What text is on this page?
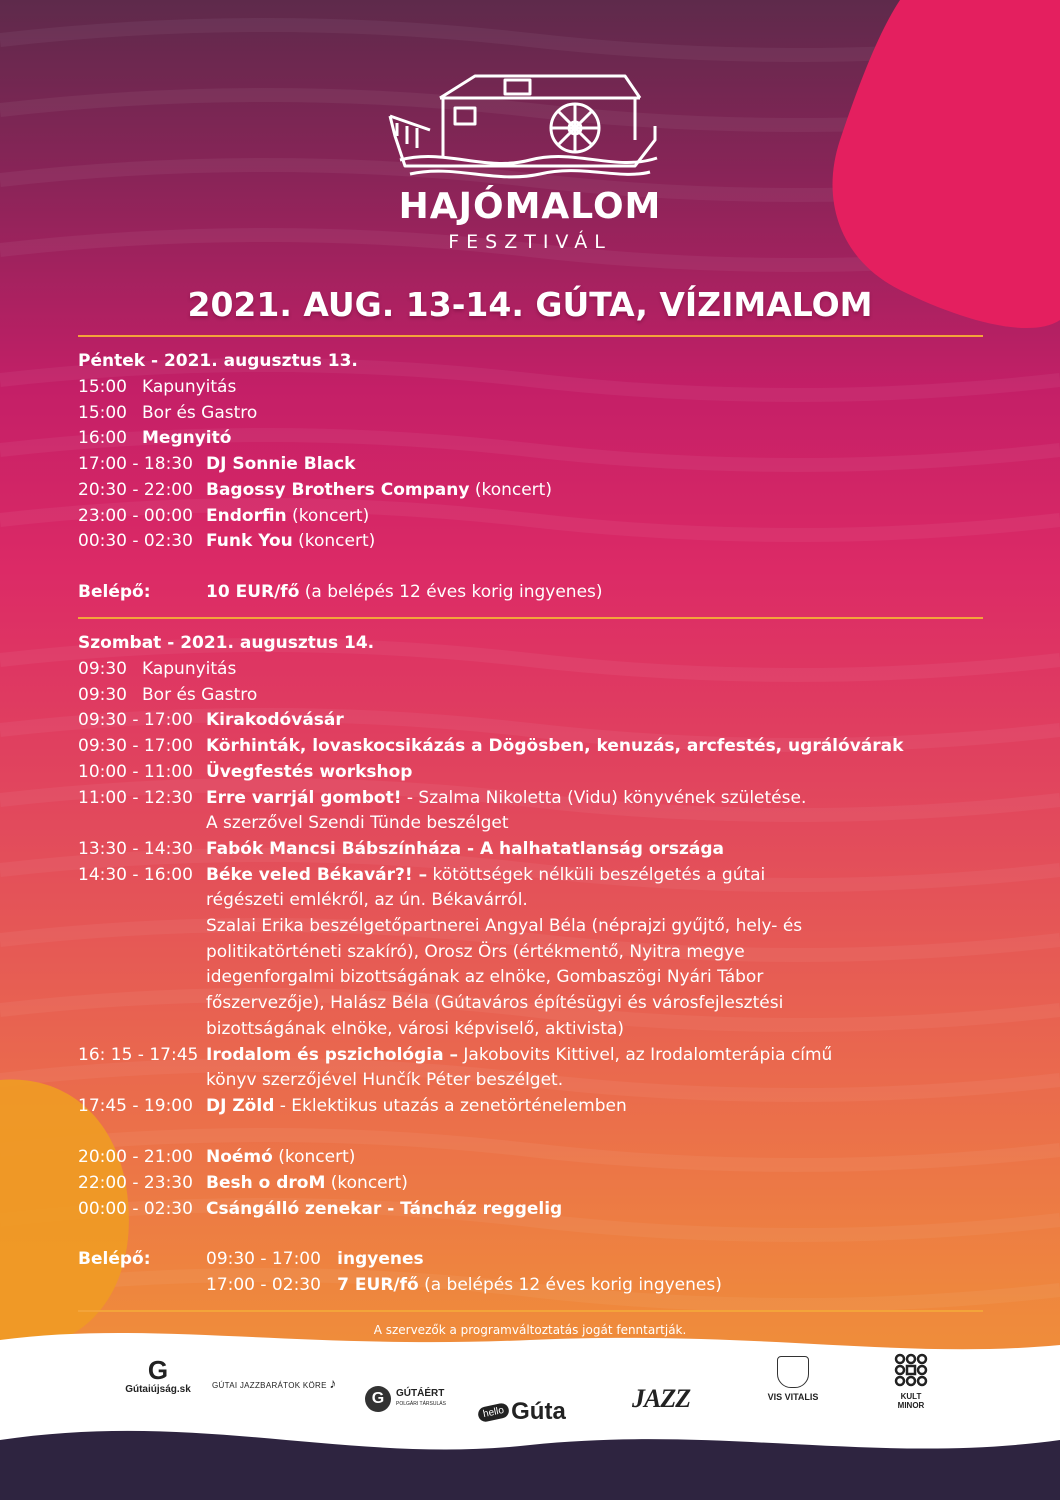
HAJÓMALOM
FESZTIVÁL
2021. AUG. 13-14. GÚTA, VÍZIMALOM
Péntek - 2021. augusztus 13.
15:00 Kapunyitás
15:00 Bor és Gastro
16:00 Megnyitó
17:00 - 18:30 DJ Sonnie Black
20:30 - 22:00 Bagossy Brothers Company (koncert)
23:00 - 00:00 Endorfin (koncert)
00:30 - 02:30 Funk You (koncert)
Belépő:	10 EUR/fő (a belépés 12 éves korig ingyenes)
Szombat - 2021. augusztus 14.
09:30 Kapunyitás
09:30 Bor és Gastro
09:30 - 17:00 Kirakodóvásár
09:30 - 17:00 Körhinták, lovaskocsikázás a Dögösben, kenuzás, arcfestés, ugrálóvárak
10:00 - 11:00 Üvegfestés workshop
11:00 - 12:30 Erre varrjál gombot! - Szalma Nikoletta (Vidu) könyvének születése.
A szerzővel Szendi Tünde beszélget
13:30 - 14:30 Fabók Mancsi Bábszínháza - A halhatatlanság országa
14:30 - 16:00 Béke veled Békavár?! – kötöttségek nélküli beszélgetés a gútai
régészeti emlékről, az ún. Békavárról.
Szalai Erika beszélgetőpartnerei Angyal Béla (néprajzi gyűjtő, hely- és
politikatörténeti szakíró), Orosz Örs (értékmentő, Nyitra megye
idegenforgalmi bizottságának az elnöke, Gombaszögi Nyári Tábor
főszervezője), Halász Béla (Gútaváros építésügyi és városfejlesztési
bizottságának elnöke, városi képviselő, aktivista)
16: 15 - 17:45 Irodalom és pszichológia – Jakobovits Kittivel, az Irodalomterápia című
könyv szerzőjével Hunčík Péter beszélget.
17:45 - 19:00 DJ Zöld - Eklektikus utazás a zenetörténelemben
20:00 - 21:00 Noémó (koncert)
22:00 - 23:30 Besh o droM (koncert)
00:00 - 02:30 Csángálló zenekar - Táncház reggelig
Belépő:	09:30 - 17:00 ingyenes
17:00 - 02:30 7 EUR/fő (a belépés 12 éves korig ingyenes)
A szervezők a programváltoztatás jogát fenntartják.
G
Gútaiújság.sk	GÚTAI JAZZBARÁTOK KÖRE ♪
G	GÚTÁÉRT
POLGÁRI TÁRSULÁS
hello Gúta	JAZZ	VIS VITALIS	KULT
MINOR
